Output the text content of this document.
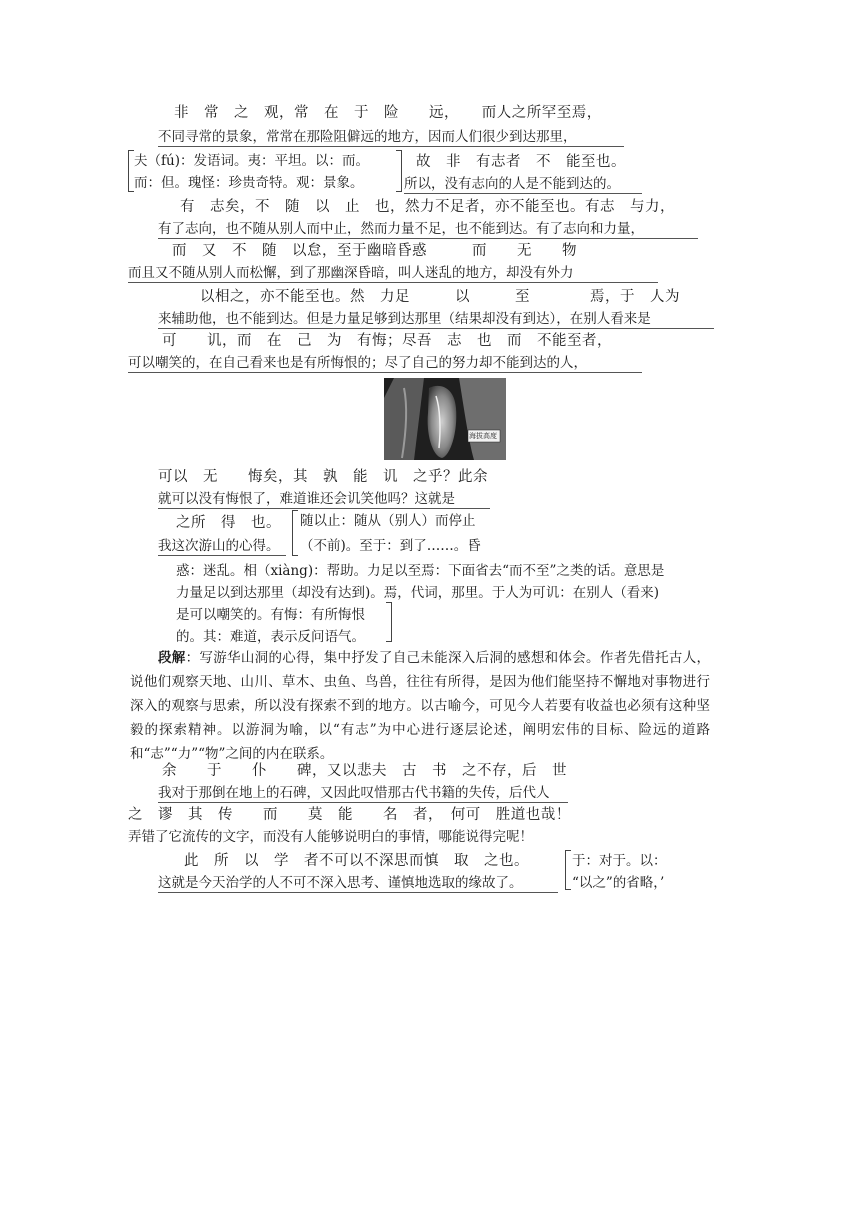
非　常　之　观，常　在　于　险　　远，　　而人之所罕至焉，
不同寻常的景象，常常在那险阻僻远的地方，因而人们很少到达那里，
夫（fú)：发语词。夷：平坦。以：而。
而：但。瑰怪：珍贵奇特。观：景象。
故　非　有志者　不　能至也。
所以，没有志向的人是不能到达的。
有　志矣，不　随　以　止　也，然力不足者，亦不能至也。有志　与力，
有了志向，也不随从别人而中止，然而力量不足，也不能到达。有了志向和力量，
而　又　不　随　以怠，至于幽暗昏惑　　　而　　无　　物
而且又不随从别人而松懈，到了那幽深昏暗，叫人迷乱的地方，却没有外力
以相之，亦不能至也。然　力足　　　以　　　至　　　　焉，于　人为
来辅助他，也不能到达。但是力量足够到达那里（结果却没有到达），在别人看来是
可　　讥，而　在　己　为　有悔；尽吾　志　也　而　不能至者，
可以嘲笑的，在自己看来也是有所悔恨的；尽了自己的努力却不能到达的人，
海拔高度
可以　无　　悔矣，其　孰　能　讥　之乎？此余
就可以没有悔恨了，难道谁还会讥笑他吗？这就是
之所　得　也。
我这次游山的心得。
随以止：随从（别人）而停止
（不前)。至于：到了……。昏
惑：迷乱。相（xiàng)：帮助。力足以至焉：下面省去“而不至”之类的话。意思是
力量足以到达那里（却没有达到)。焉，代词，那里。于人为可讥：在别人（看来)
是可以嘲笑的。有悔：有所悔恨
的。其：难道，表示反问语气。
段解：写游华山洞的心得，集中抒发了自己未能深入后洞的感想和体会。作者先借托古人，说他们观察天地、山川、草木、虫鱼、鸟兽，往往有所得，是因为他们能坚持不懈地对事物进行深入的观察与思索，所以没有探索不到的地方。以古喻今，可见今人若要有收益也必须有这种坚毅的探索精神。以游洞为喻，以“有志”为中心进行逐层论述，阐明宏伟的目标、险远的道路和“志”“力”“物”之间的内在联系。
余　　于　　仆　　碑，又以悲夫　古　书　之不存，后　世
我对于那倒在地上的石碑，又因此叹惜那古代书籍的失传，后代人
之　谬　其　传　　而　　莫　能　　名　者，　何可　胜道也哉！
弄错了它流传的文字，而没有人能够说明白的事情，哪能说得完呢！
此　所　以　学　者不可以不深思而慎　取　之也。
这就是今天治学的人不可不深入思考、谨慎地选取的缘故了。
于：对于。以：
“以之”的省略，’
